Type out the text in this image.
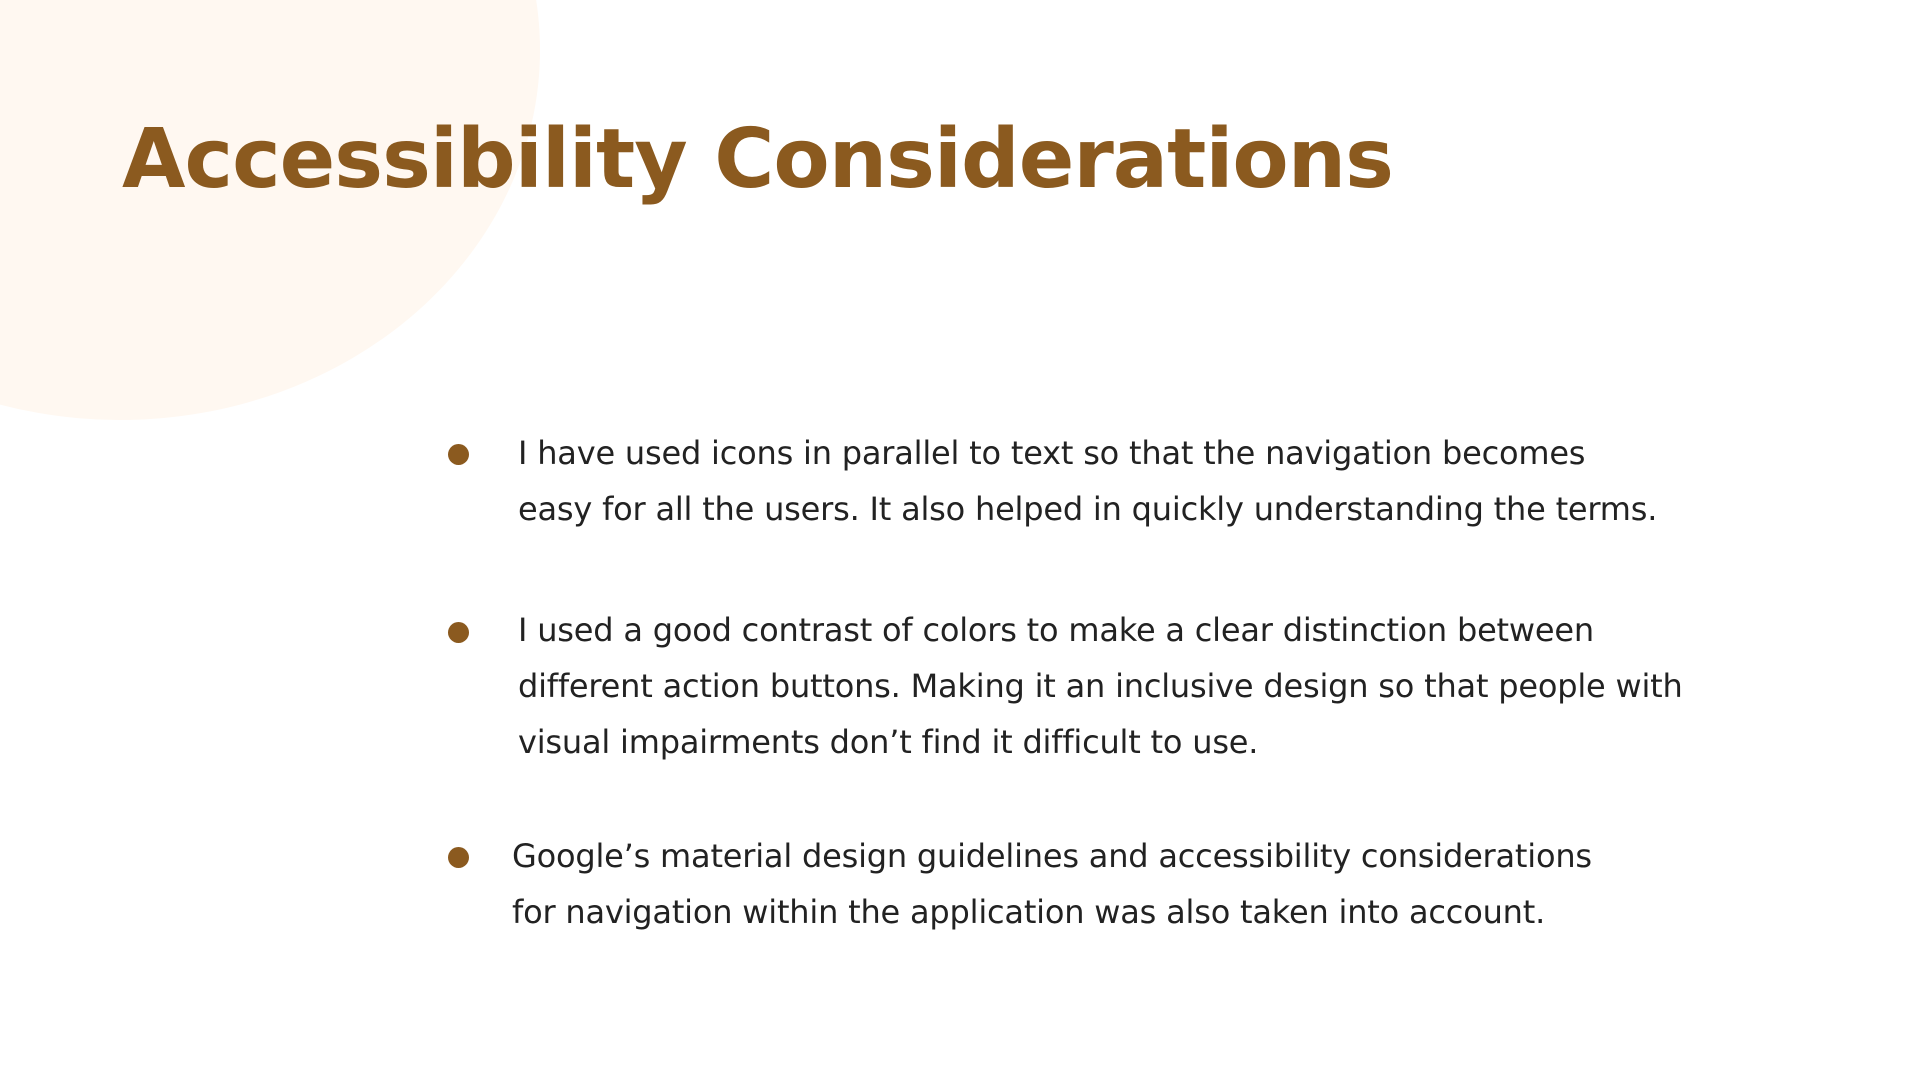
Accessibility Considerations

I have used icons in parallel to text so that the navigation becomes
easy for all the users. It also helped in quickly understanding the terms.

I used a good contrast of colors to make a clear distinction between
different action buttons. Making it an inclusive design so that people with
visual impairments don’t find it difficult to use.

Google’s material design guidelines and accessibility considerations
for navigation within the application was also taken into account.
